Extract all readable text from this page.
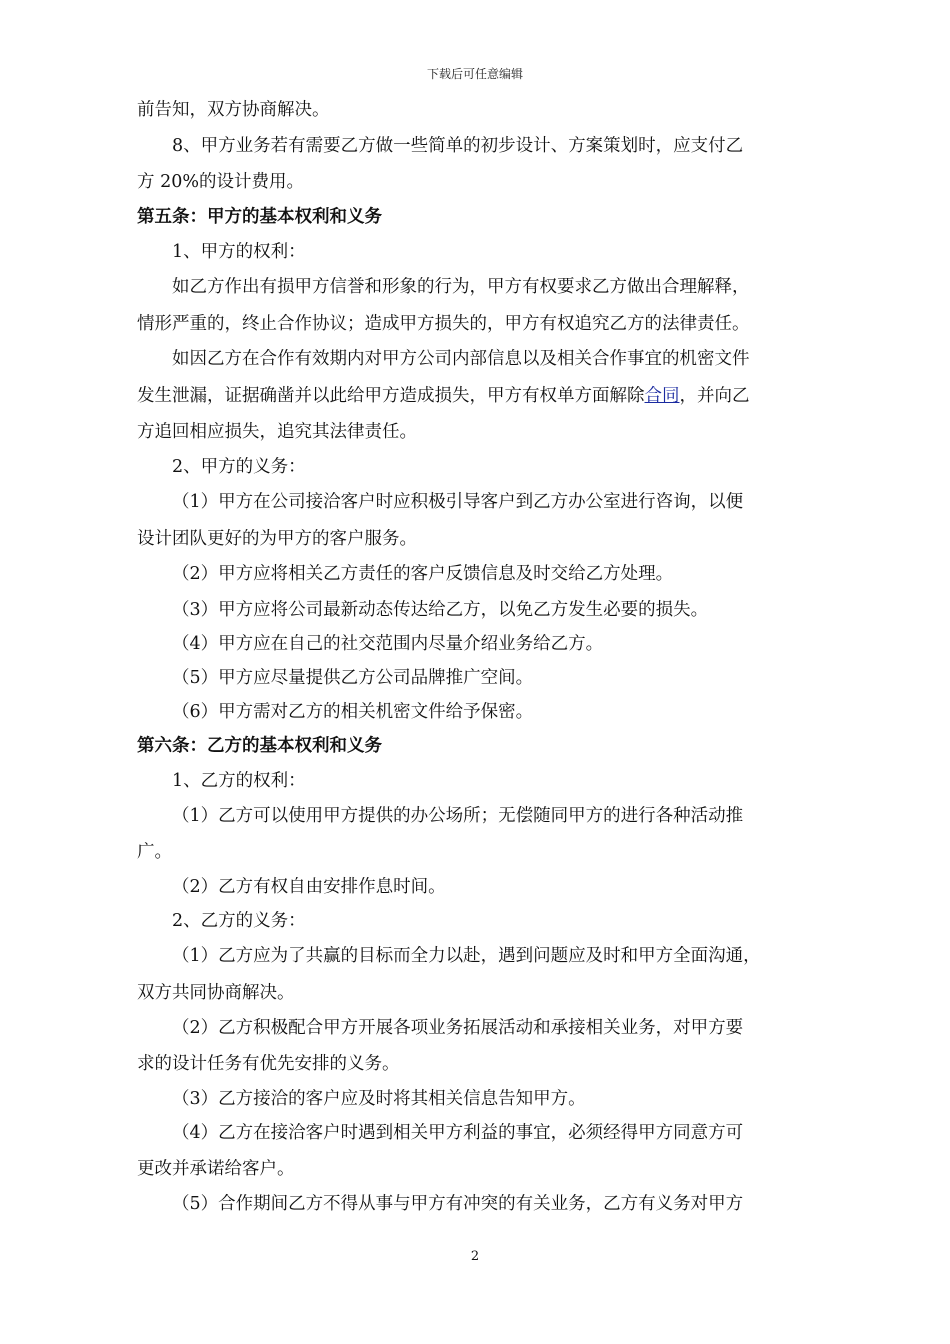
下载后可任意编辑
前告知，双方协商解决。
8、甲方业务若有需要乙方做一些简单的初步设计、方案策划时，应支付乙
方 20%的设计费用。
第五条：甲方的基本权利和义务
1、甲方的权利：
如乙方作出有损甲方信誉和形象的行为，甲方有权要求乙方做出合理解释，
情形严重的，终止合作协议；造成甲方损失的，甲方有权追究乙方的法律责任。
如因乙方在合作有效期内对甲方公司内部信息以及相关合作事宜的机密文件
发生泄漏，证据确凿并以此给甲方造成损失，甲方有权单方面解除合同，并向乙
方追回相应损失，追究其法律责任。
2、甲方的义务：
（1）甲方在公司接洽客户时应积极引导客户到乙方办公室进行咨询，以便
设计团队更好的为甲方的客户服务。
（2）甲方应将相关乙方责任的客户反馈信息及时交给乙方处理。
（3）甲方应将公司最新动态传达给乙方，以免乙方发生必要的损失。
（4）甲方应在自己的社交范围内尽量介绍业务给乙方。
（5）甲方应尽量提供乙方公司品牌推广空间。
（6）甲方需对乙方的相关机密文件给予保密。
第六条：乙方的基本权利和义务
1、乙方的权利：
（1）乙方可以使用甲方提供的办公场所；无偿随同甲方的进行各种活动推
广。
（2）乙方有权自由安排作息时间。
2、乙方的义务：
（1）乙方应为了共赢的目标而全力以赴，遇到问题应及时和甲方全面沟通，
双方共同协商解决。
（2）乙方积极配合甲方开展各项业务拓展活动和承接相关业务，对甲方要
求的设计任务有优先安排的义务。
（3）乙方接洽的客户应及时将其相关信息告知甲方。
（4）乙方在接洽客户时遇到相关甲方利益的事宜，必须经得甲方同意方可
更改并承诺给客户。
（5）合作期间乙方不得从事与甲方有冲突的有关业务，乙方有义务对甲方
2
